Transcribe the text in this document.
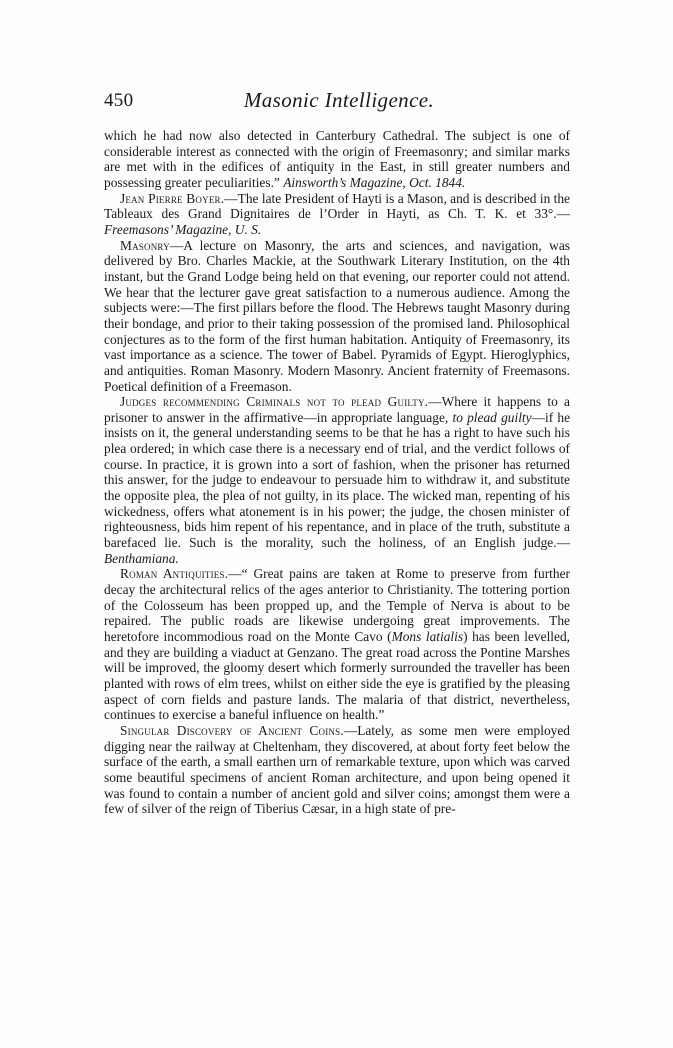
450	Masonic Intelligence.

which he had now also detected in Canterbury Cathedral. The subject is one of considerable interest as connected with the origin of Freemasonry; and similar marks are met with in the edifices of antiquity in the East, in still greater numbers and possessing greater peculiarities.” Ainsworth’s Magazine, Oct. 1844.

Jean Pierre Boyer.—The late President of Hayti is a Mason, and is described in the Tableaux des Grand Dignitaires de l’Order in Hayti, as Ch. T. K. et 33°.—Freemasons’ Magazine, U. S.

Masonry—A lecture on Masonry, the arts and sciences, and navigation, was delivered by Bro. Charles Mackie, at the Southwark Literary Institution, on the 4th instant, but the Grand Lodge being held on that evening, our reporter could not attend. We hear that the lecturer gave great satisfaction to a numerous audience. Among the subjects were:—The first pillars before the flood. The Hebrews taught Masonry during their bondage, and prior to their taking possession of the promised land. Philosophical conjectures as to the form of the first human habitation. Antiquity of Freemasonry, its vast importance as a science. The tower of Babel. Pyramids of Egypt. Hieroglyphics, and antiquities. Roman Masonry. Modern Masonry. Ancient fraternity of Freemasons. Poetical definition of a Freemason.

Judges recommending Criminals not to plead Guilty.—Where it happens to a prisoner to answer in the affirmative—in appropriate language, to plead guilty—if he insists on it, the general understanding seems to be that he has a right to have such his plea ordered; in which case there is a necessary end of trial, and the verdict follows of course. In practice, it is grown into a sort of fashion, when the prisoner has returned this answer, for the judge to endeavour to persuade him to withdraw it, and substitute the opposite plea, the plea of not guilty, in its place. The wicked man, repenting of his wickedness, offers what atonement is in his power; the judge, the chosen minister of righteousness, bids him repent of his repentance, and in place of the truth, substitute a barefaced lie. Such is the morality, such the holiness, of an English judge.—Benthamiana.

Roman Antiquities.—“ Great pains are taken at Rome to preserve from further decay the architectural relics of the ages anterior to Christianity. The tottering portion of the Colosseum has been propped up, and the Temple of Nerva is about to be repaired. The public roads are likewise undergoing great improvements. The heretofore incommodious road on the Monte Cavo (Mons latialis) has been levelled, and they are building a viaduct at Genzano. The great road across the Pontine Marshes will be improved, the gloomy desert which formerly surrounded the traveller has been planted with rows of elm trees, whilst on either side the eye is gratified by the pleasing aspect of corn fields and pasture lands. The malaria of that district, nevertheless, continues to exercise a baneful influence on health.”

Singular Discovery of Ancient Coins.—Lately, as some men were employed digging near the railway at Cheltenham, they discovered, at about forty feet below the surface of the earth, a small earthen urn of remarkable texture, upon which was carved some beautiful specimens of ancient Roman architecture, and upon being opened it was found to contain a number of ancient gold and silver coins; amongst them were a few of silver of the reign of Tiberius Cæsar, in a high state of pre-
